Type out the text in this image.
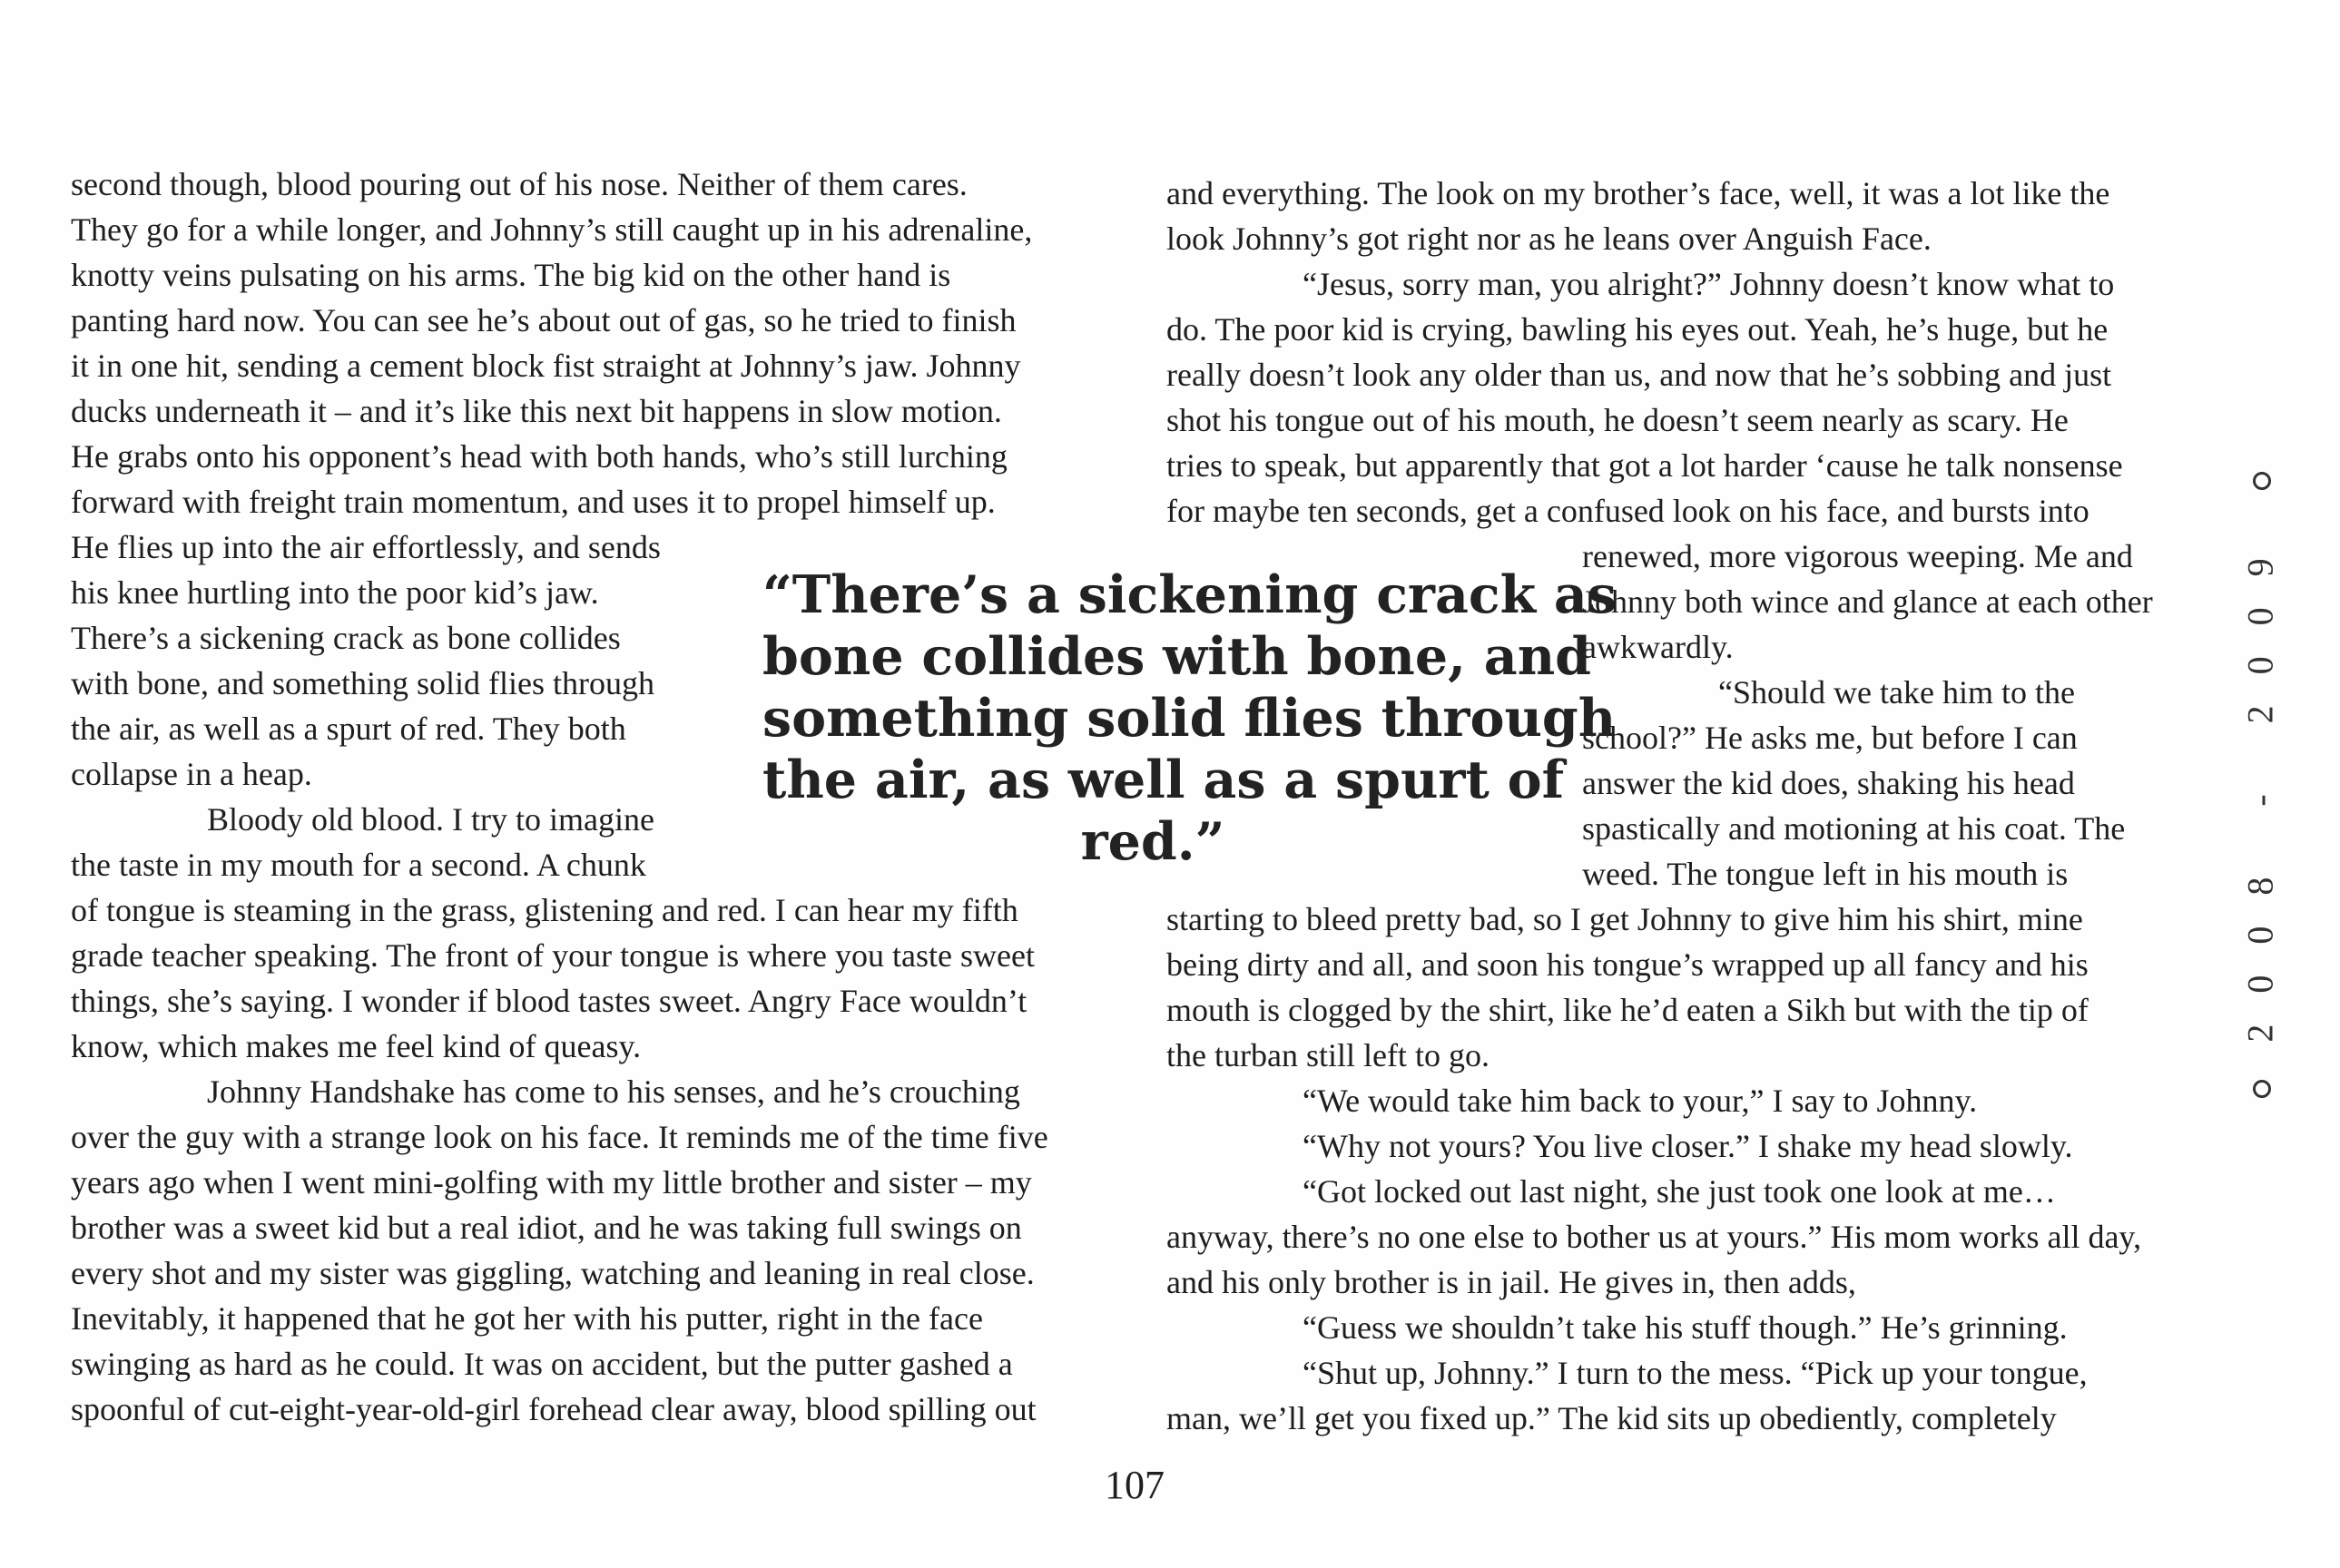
second though, blood pouring out of his nose. Neither of them cares.
They go for a while longer, and Johnny’s still caught up in his adrenaline,
knotty veins pulsating on his arms. The big kid on the other hand is
panting hard now. You can see he’s about out of gas, so he tried to finish
it in one hit, sending a cement block fist straight at Johnny’s jaw. Johnny
ducks underneath it – and it’s like this next bit happens in slow motion.
He grabs onto his opponent’s head with both hands, who’s still lurching
forward with freight train momentum, and uses it to propel himself up.
He flies up into the air effortlessly, and sends
his knee hurtling into the poor kid’s jaw.
There’s a sickening crack as bone collides
with bone, and something solid flies through
the air, as well as a spurt of red. They both
collapse in a heap.
Bloody old blood. I try to imagine
the taste in my mouth for a second. A chunk
of tongue is steaming in the grass, glistening and red. I can hear my fifth
grade teacher speaking. The front of your tongue is where you taste sweet
things, she’s saying. I wonder if blood tastes sweet. Angry Face wouldn’t
know, which makes me feel kind of queasy.
Johnny Handshake has come to his senses, and he’s crouching
over the guy with a strange look on his face. It reminds me of the time five
years ago when I went mini-golfing with my little brother and sister – my
brother was a sweet kid but a real idiot, and he was taking full swings on
every shot and my sister was giggling, watching and leaning in real close.
Inevitably, it happened that he got her with his putter, right in the face
swinging as hard as he could. It was on accident, but the putter gashed a
spoonful of cut-eight-year-old-girl forehead clear away, blood spilling out
and everything. The look on my brother’s face, well, it was a lot like the
look Johnny’s got right nor as he leans over Anguish Face.
“Jesus, sorry man, you alright?” Johnny doesn’t know what to
do. The poor kid is crying, bawling his eyes out. Yeah, he’s huge, but he
really doesn’t look any older than us, and now that he’s sobbing and just
shot his tongue out of his mouth, he doesn’t seem nearly as scary. He
tries to speak, but apparently that got a lot harder ‘cause he talk nonsense
for maybe ten seconds, get a confused look on his face, and bursts into
renewed, more vigorous weeping. Me and
Johnny both wince and glance at each other
awkwardly.
“Should we take him to the
school?” He asks me, but before I can
answer the kid does, shaking his head
spastically and motioning at his coat. The
weed. The tongue left in his mouth is
starting to bleed pretty bad, so I get Johnny to give him his shirt, mine
being dirty and all, and soon his tongue’s wrapped up all fancy and his
mouth is clogged by the shirt, like he’d eaten a Sikh but with the tip of
the turban still left to go.
“We would take him back to your,” I say to Johnny.
“Why not yours? You live closer.” I shake my head slowly.
“Got locked out last night, she just took one look at me…
anyway, there’s no one else to bother us at yours.” His mom works all day,
and his only brother is in jail. He gives in, then adds,
“Guess we shouldn’t take his stuff though.” He’s grinning.
“Shut up, Johnny.” I turn to the mess. “Pick up your tongue,
man, we’ll get you fixed up.” The kid sits up obediently, completely
“There’s a sickening crack as
bone collides with bone, and
something solid flies through
the air, as well as a spurt of
red.”	2008 - 2009
107
